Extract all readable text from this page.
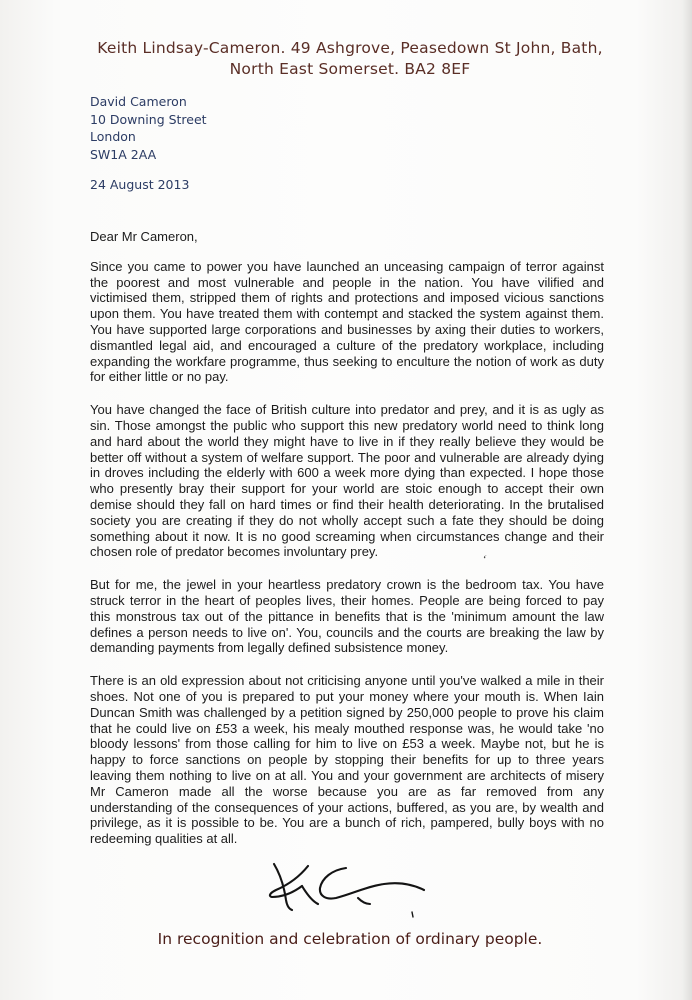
Keith Lindsay-Cameron. 49 Ashgrove, Peasedown St John, Bath,
North East Somerset. BA2 8EF
David Cameron
10 Downing Street
London
SW1A 2AA
24 August 2013
Dear Mr Cameron,
Since you came to power you have launched an unceasing campaign of terror against the poorest and most vulnerable and people in the nation. You have vilified and victimised them, stripped them of rights and protections and imposed vicious sanctions upon them. You have treated them with contempt and stacked the system against them. You have supported large corporations and businesses by axing their duties to workers, dismantled legal aid, and encouraged a culture of the predatory workplace, including expanding the workfare programme, thus seeking to enculture the notion of work as duty for either little or no pay.
You have changed the face of British culture into predator and prey, and it is as ugly as sin. Those amongst the public who support this new predatory world need to think long and hard about the world they might have to live in if they really believe they would be better off without a system of welfare support. The poor and vulnerable are already dying in droves including the elderly with 600 a week more dying than expected. I hope those who presently bray their support for your world are stoic enough to accept their own demise should they fall on hard times or find their health deteriorating. In the brutalised society you are creating if they do not wholly accept such a fate they should be doing something about it now. It is no good screaming when circumstances change and their chosen role of predator becomes involuntary prey.
But for me, the jewel in your heartless predatory crown is the bedroom tax. You have struck terror in the heart of peoples lives, their homes. People are being forced to pay this monstrous tax out of the pittance in benefits that is the 'minimum amount the law defines a person needs to live on'. You, councils and the courts are breaking the law by demanding payments from legally defined subsistence money.
There is an old expression about not criticising anyone until you've walked a mile in their shoes. Not one of you is prepared to put your money where your mouth is. When Iain Duncan Smith was challenged by a petition signed by 250,000 people to prove his claim that he could live on £53 a week, his mealy mouthed response was, he would take 'no bloody lessons' from those calling for him to live on £53 a week. Maybe not, but he is happy to force sanctions on people by stopping their benefits for up to three years leaving them nothing to live on at all. You and your government are architects of misery Mr Cameron made all the worse because you are as far removed from any understanding of the consequences of your actions, buffered, as you are, by wealth and privilege, as it is possible to be. You are a bunch of rich, pampered, bully boys with no redeeming qualities at all.
‘
In recognition and celebration of ordinary people.
